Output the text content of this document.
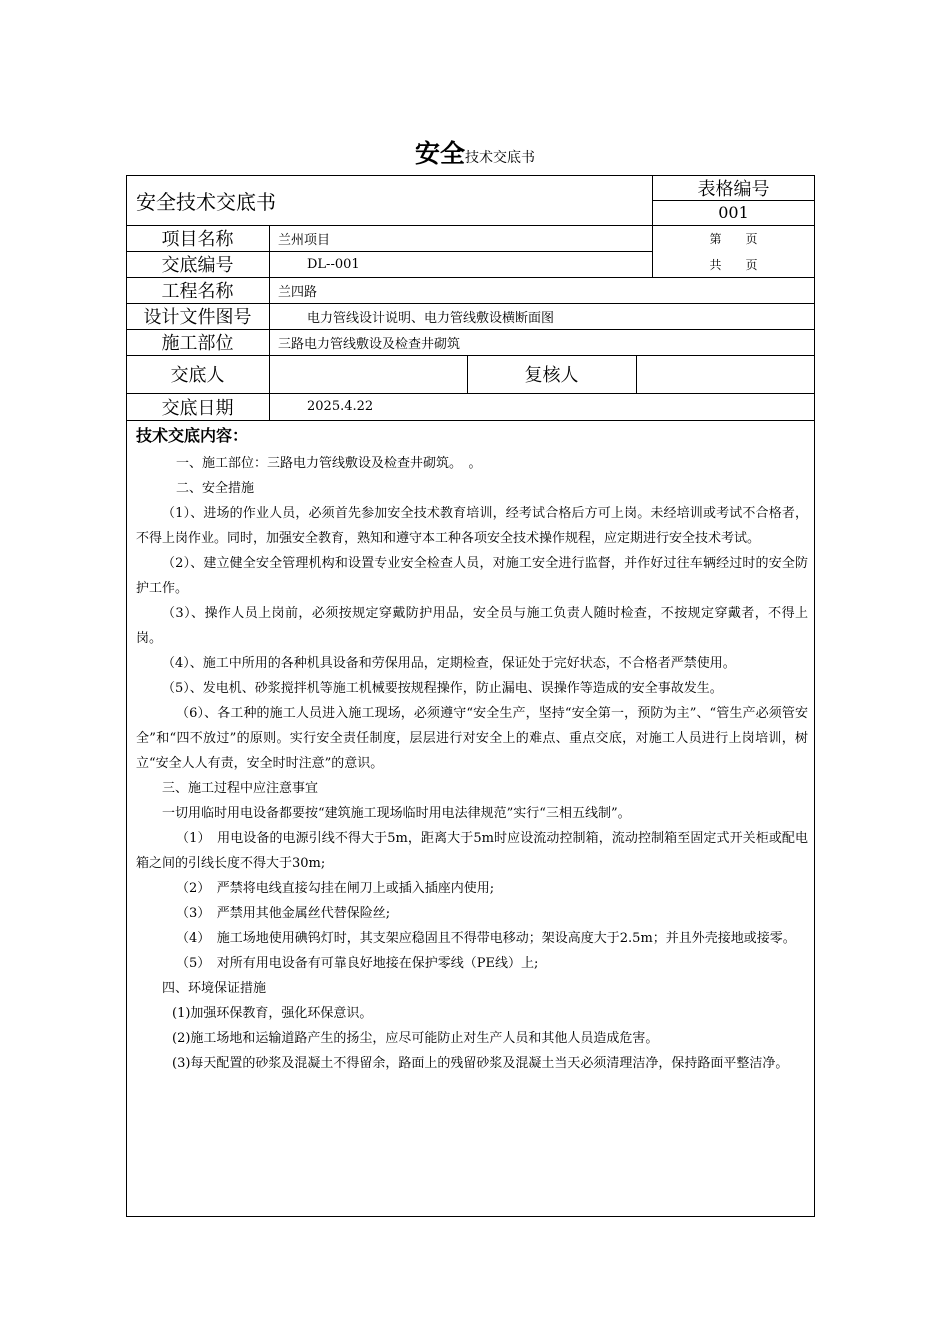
安全技术交底书
安全技术交底书
表格编号
001
第　　页
共　　页
项目名称	兰州项目
交底编号	DL--001
工程名称	兰四路
设计文件图号	电力管线设计说明、电力管线敷设横断面图
施工部位	三路电力管线敷设及检查井砌筑
交底人	复核人
交底日期	2025.4.22

技术交底内容：

一、施工部位：三路电力管线敷设及检查井砌筑。　。

二、安全措施

（1）、进场的作业人员，必须首先参加安全技术教育培训，经考试合格后方可上岗。未经培训或考试不合格者，不得上岗作业。同时，加强安全教育，熟知和遵守本工种各项安全技术操作规程，应定期进行安全技术考试。

（2）、建立健全安全管理机构和设置专业安全检查人员，对施工安全进行监督，并作好过往车辆经过时的安全防护工作。

（3）、操作人员上岗前，必须按规定穿戴防护用品，安全员与施工负责人随时检查，不按规定穿戴者，不得上岗。

（4）、施工中所用的各种机具设备和劳保用品，定期检查，保证处于完好状态，不合格者严禁使用。

（5）、发电机、砂浆搅拌机等施工机械要按规程操作，防止漏电、误操作等造成的安全事故发生。

（6）、各工种的施工人员进入施工现场，必须遵守“安全生产，坚持“安全第一，预防为主”、“管生产必须管安全”和“四不放过”的原则。实行安全责任制度，层层进行对安全上的难点、重点交底，对施工人员进行上岗培训，树立“安全人人有责，安全时时注意”的意识。

三、施工过程中应注意事宜

一切用临时用电设备都要按“建筑施工现场临时用电法律规范”实行“三相五线制”。

（1）　用电设备的电源引线不得大于5m，距离大于5m时应设流动控制箱，流动控制箱至固定式开关柜或配电箱之间的引线长度不得大于30m;

（2）　严禁将电线直接勾挂在闸刀上或插入插座内使用;

（3）　严禁用其他金属丝代替保险丝;

（4）　施工场地使用碘钨灯时，其支架应稳固且不得带电移动；架设高度大于2.5m；并且外壳接地或接零。

（5）　对所有用电设备有可靠良好地接在保护零线（PE线）上;

四、环境保证措施

(1)加强环保教育，强化环保意识。

(2)施工场地和运输道路产生的扬尘，应尽可能防止对生产人员和其他人员造成危害。

(3)每天配置的砂浆及混凝土不得留余，路面上的残留砂浆及混凝土当天必须清理洁净，保持路面平整洁净。
